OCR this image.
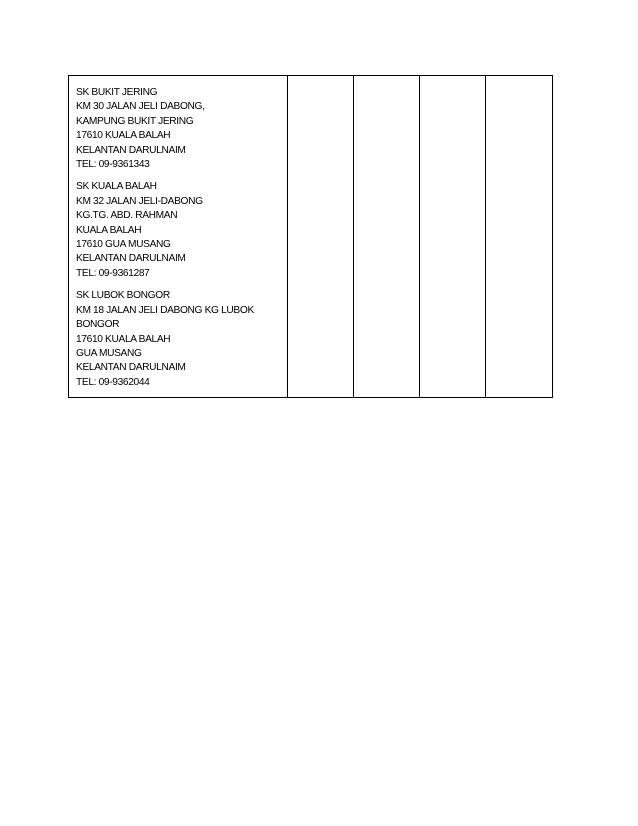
SK BUKIT JERING
KM 30 JALAN JELI DABONG,
KAMPUNG BUKIT JERING
17610 KUALA BALAH
KELANTAN DARULNAIM
TEL: 09-9361343
SK KUALA BALAH
KM 32 JALAN JELI-DABONG
KG.TG. ABD. RAHMAN
KUALA BALAH
17610 GUA MUSANG
KELANTAN DARULNAIM
TEL: 09-9361287
SK LUBOK BONGOR
KM 18 JALAN JELI DABONG KG LUBOK
BONGOR
17610 KUALA BALAH
GUA MUSANG
KELANTAN DARULNAIM
TEL: 09-9362044
